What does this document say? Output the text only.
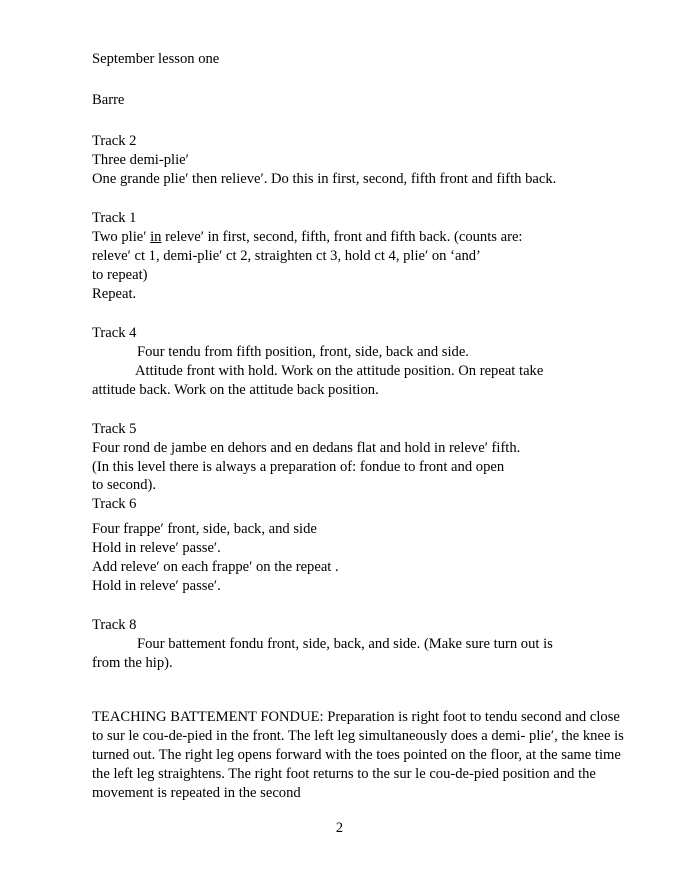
September lesson one

Barre

Track 2

Three demi-plie′

One grande plie′ then relieve′. Do this in first, second, fifth front and fifth back.

Track 1

Two plie′ in releve′ in first, second, fifth, front and fifth back. (counts are:

releve′ ct 1, demi-plie′ ct 2, straighten ct 3, hold ct 4, plie′ on ‘and’

to repeat)

Repeat.

Track 4

Four tendu from fifth position, front, side, back and side.

Attitude front with hold. Work on the attitude position. On repeat take

attitude back. Work on the attitude back position.

Track 5

Four rond de jambe en dehors and en dedans flat and hold in releve′ fifth.

(In this level there is always a preparation of: fondue to front and open

to second).

Track 6

Four frappe′ front, side, back, and side

Hold in releve′ passe′.

Add releve′ on each frappe′ on the repeat .

Hold in releve′ passe′.

Track 8

Four battement fondu front, side, back, and side. (Make sure turn out is

from the hip).

TEACHING BATTEMENT FONDUE: Preparation is right foot to tendu second and close to sur le cou-de-pied in the front. The left leg simultaneously does a demi- plie′, the knee is turned out. The right leg opens forward with the toes pointed on the floor, at the same time the left leg straightens. The right foot returns to the sur le cou-de-pied position and the movement is repeated in the second

2
